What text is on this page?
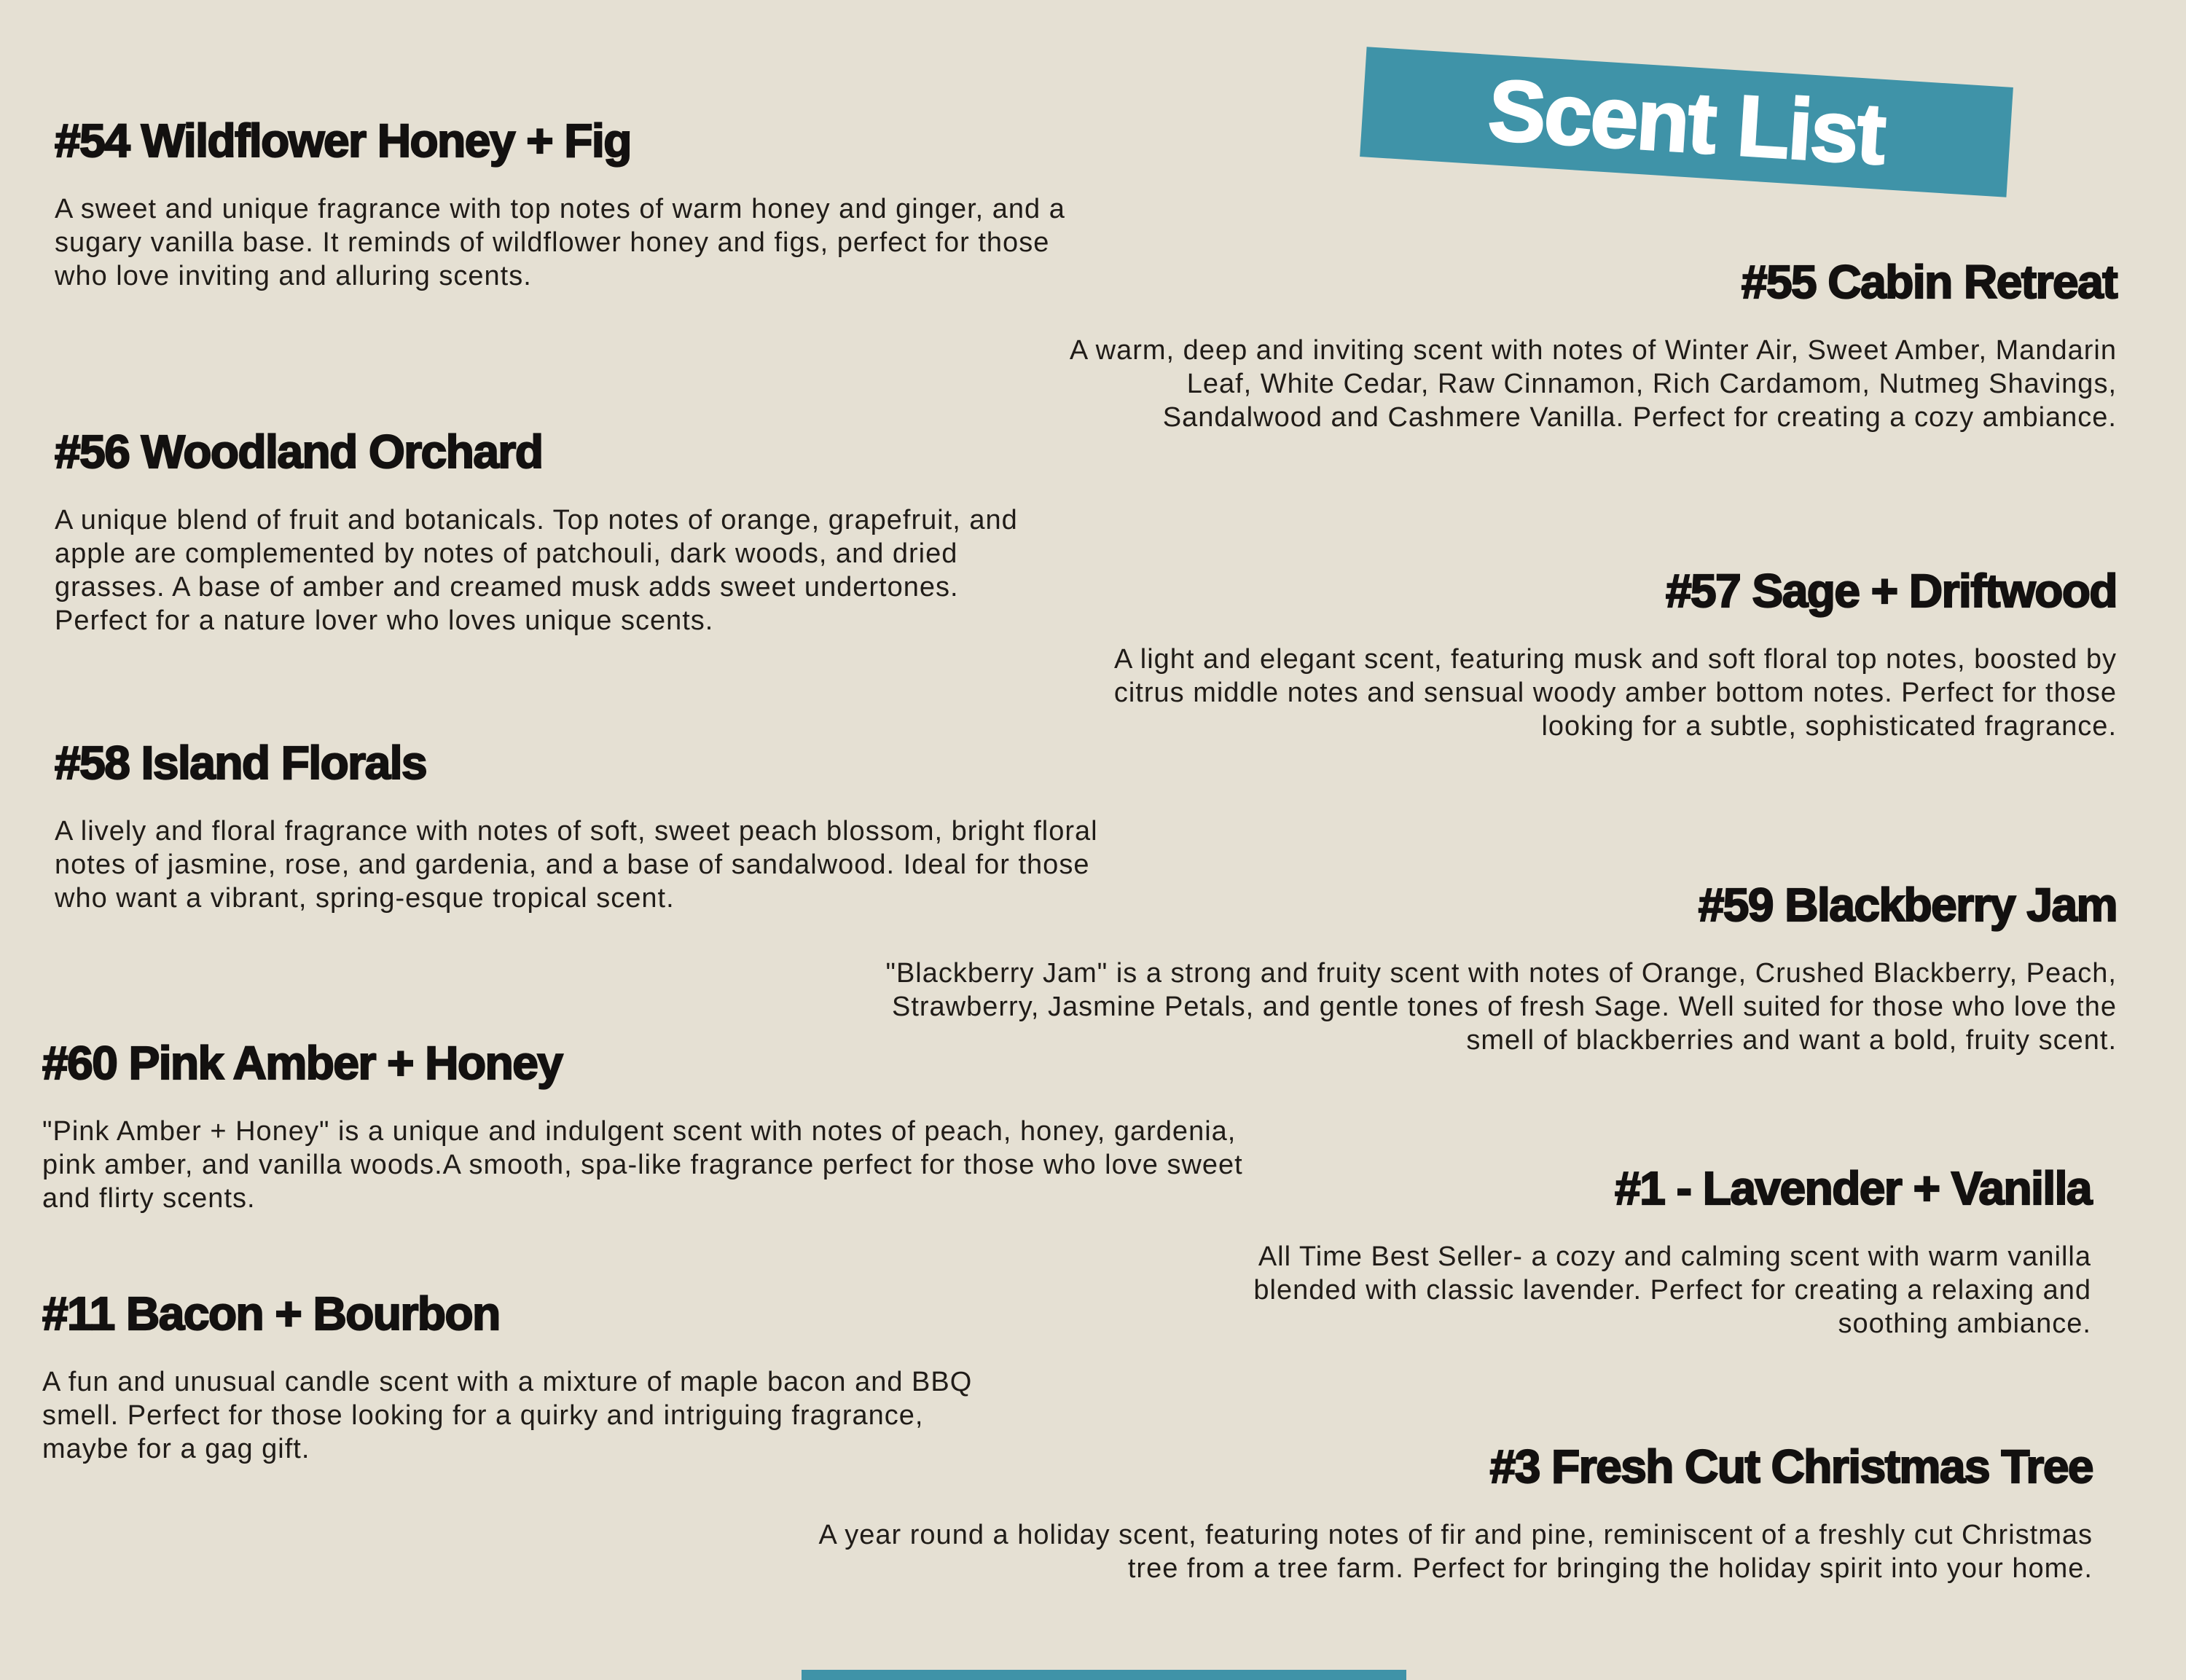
Scent List
#54 Wildflower Honey + Fig

A sweet and unique fragrance with top notes of warm honey and ginger, and a sugary vanilla base. It reminds of wildflower honey and figs, perfect for those who love inviting and alluring scents.	#55 Cabin Retreat

A warm, deep and inviting scent with notes of Winter Air, Sweet Amber, Mandarin Leaf, White Cedar, Raw Cinnamon, Rich Cardamom, Nutmeg Shavings, Sandalwood and Cashmere Vanilla. Perfect for creating a cozy ambiance.

#56 Woodland Orchard

A unique blend of fruit and botanicals. Top notes of orange, grapefruit, and apple are complemented by notes of patchouli, dark woods, and dried grasses. A base of amber and creamed musk adds sweet undertones. Perfect for a nature lover who loves unique scents.

#57 Sage + Driftwood

A light and elegant scent, featuring musk and soft floral top notes, boosted by citrus middle notes and sensual woody amber bottom notes. Perfect for those looking for a subtle, sophisticated fragrance.

#58 Island Florals

A lively and floral fragrance with notes of soft, sweet peach blossom, bright floral notes of jasmine, rose, and gardenia, and a base of sandalwood. Ideal for those who want a vibrant, spring-esque tropical scent.	#59 Blackberry Jam

"Blackberry Jam" is a strong and fruity scent with notes of Orange, Crushed Blackberry, Peach, Strawberry, Jasmine Petals, and gentle tones of fresh Sage. Well suited for those who love the smell of blackberries and want a bold, fruity scent.

#60 Pink Amber + Honey

"Pink Amber + Honey" is a unique and indulgent scent with notes of peach, honey, gardenia, pink amber, and vanilla woods.A smooth, spa-like fragrance perfect for those who love sweet and flirty scents.	#1 - Lavender + Vanilla

All Time Best Seller- a cozy and calming scent with warm vanilla blended with classic lavender. Perfect for creating a relaxing and soothing ambiance.

#11 Bacon + Bourbon

A fun and unusual candle scent with a mixture of maple bacon and BBQ smell. Perfect for those looking for a quirky and intriguing fragrance, maybe for a gag gift.	#3 Fresh Cut Christmas Tree

A year round a holiday scent, featuring notes of fir and pine, reminiscent of a freshly cut Christmas tree from a tree farm. Perfect for bringing the holiday spirit into your home.
